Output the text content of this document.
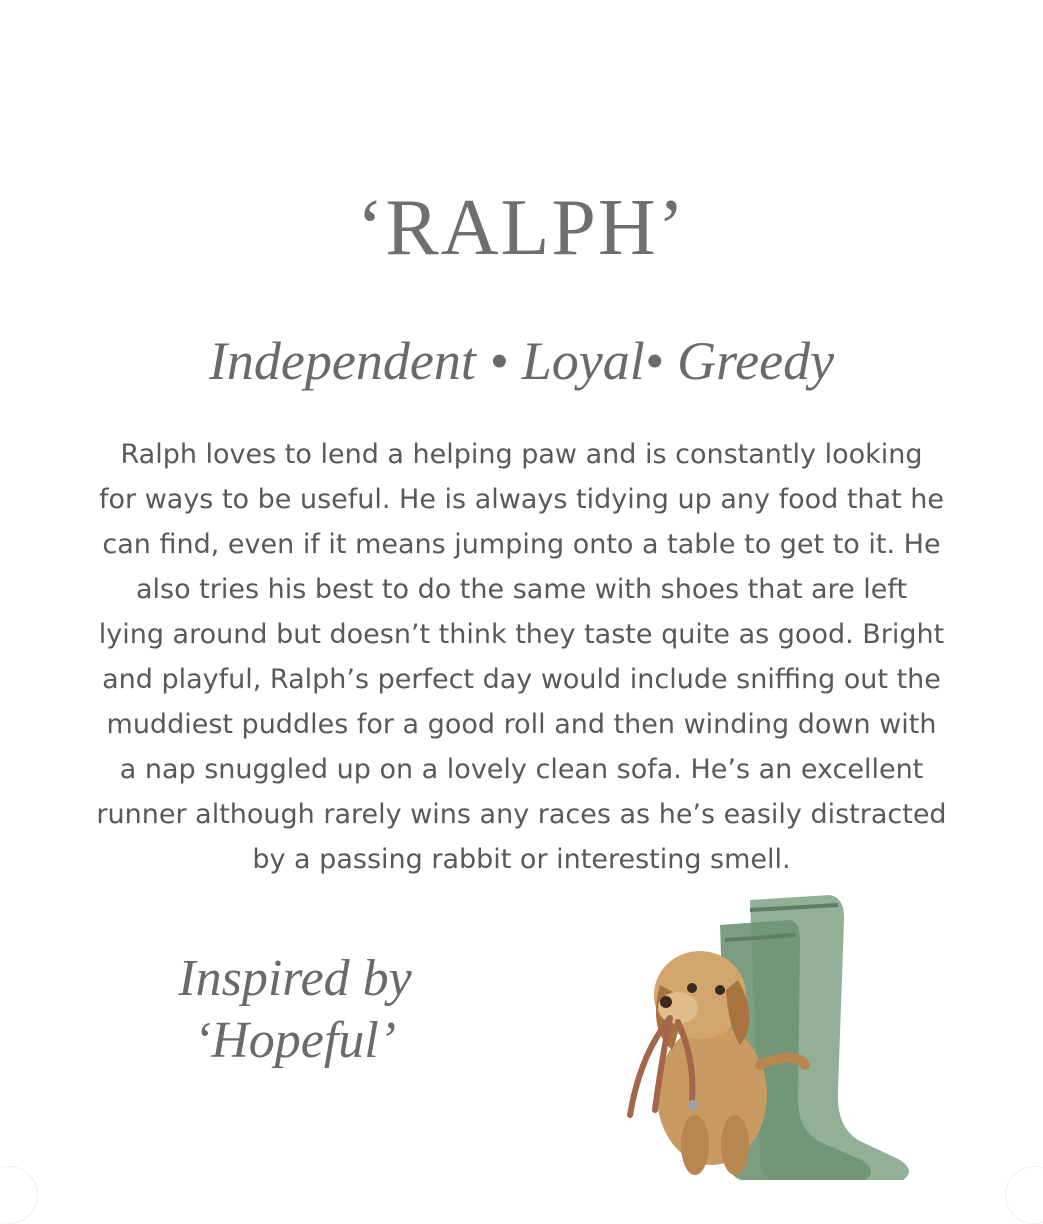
‘RALPH’
Independent • Loyal• Greedy
Ralph loves to lend a helping paw and is constantly looking
for ways to be useful. He is always tidying up any food that he
can find, even if it means jumping onto a table to get to it. He
also tries his best to do the same with shoes that are left
lying around but doesn’t think they taste quite as good. Bright
and playful, Ralph’s perfect day would include sniffing out the
muddiest puddles for a good roll and then winding down with
a nap snuggled up on a lovely clean sofa. He’s an excellent
runner although rarely wins any races as he’s easily distracted
by a passing rabbit or interesting smell.
Inspired by
‘Hopeful’
